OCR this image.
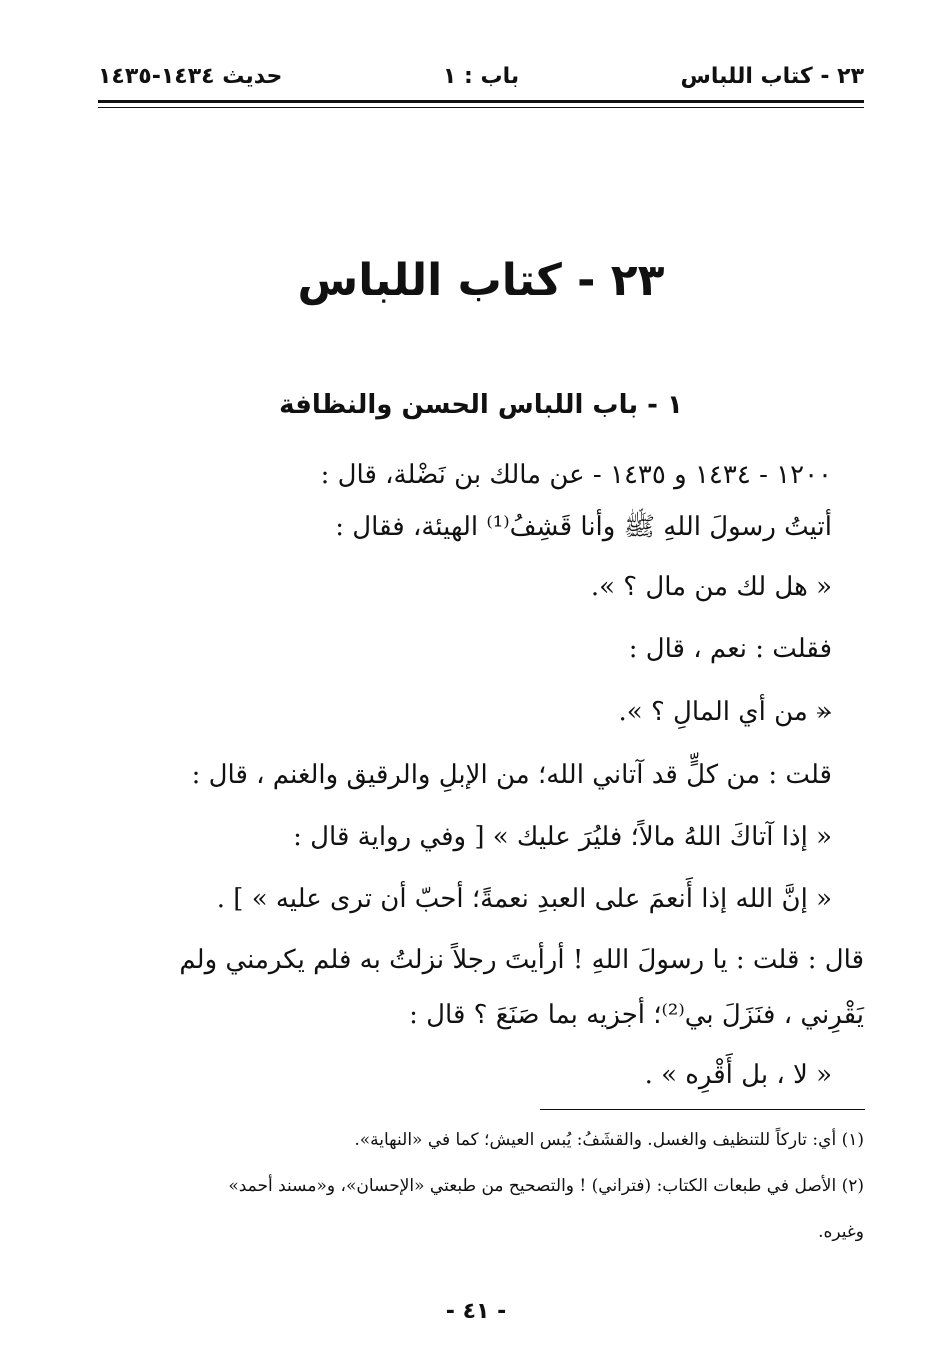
٢٣ - كتاب اللباس
باب : ١
حديث ١٤٣٤-١٤٣٥
٢٣ - كتاب اللباس
١ - باب اللباس الحسن والنظافة
١٢٠٠ - ١٤٣٤ و ١٤٣٥ - عن مالك بن نَضْلة، قال :
أتيتُ رسولَ اللهِ ﷺ وأنا قَشِفُ⁽¹⁾ الهيئة، فقال :
« هل لك من مال ؟ ».
فقلت : نعم ، قال :
« من أي المالِ ؟ ».
قلت : من كلٍّ قد آتاني الله؛ من الإبلِ والرقيق والغنم ، قال :
« إذا آتاكَ اللهُ مالاً؛ فليُرَ عليك » [ وفي رواية قال :
« إنَّ الله إذا أَنعمَ على العبدِ نعمةً؛ أحبّ أن ترى عليه » ] .
قال : قلت : يا رسولَ اللهِ ! أرأيتَ رجلاً نزلتُ به فلم يكرمني ولم
يَقْرِني ، فنَزَلَ بي⁽²⁾؛ أجزيه بما صَنَعَ ؟ قال :
« لا ، بل أَقْرِه » .
(١) أي: تاركاً للتنظيف والغسل. والقشَفُ: يُبس العيش؛ كما في «النهاية».
(٢) الأصل في طبعات الكتاب: (فتراني) ! والتصحيح من طبعتي «الإحسان»، و«مسند أحمد»
وغيره.
- ٤١ -
